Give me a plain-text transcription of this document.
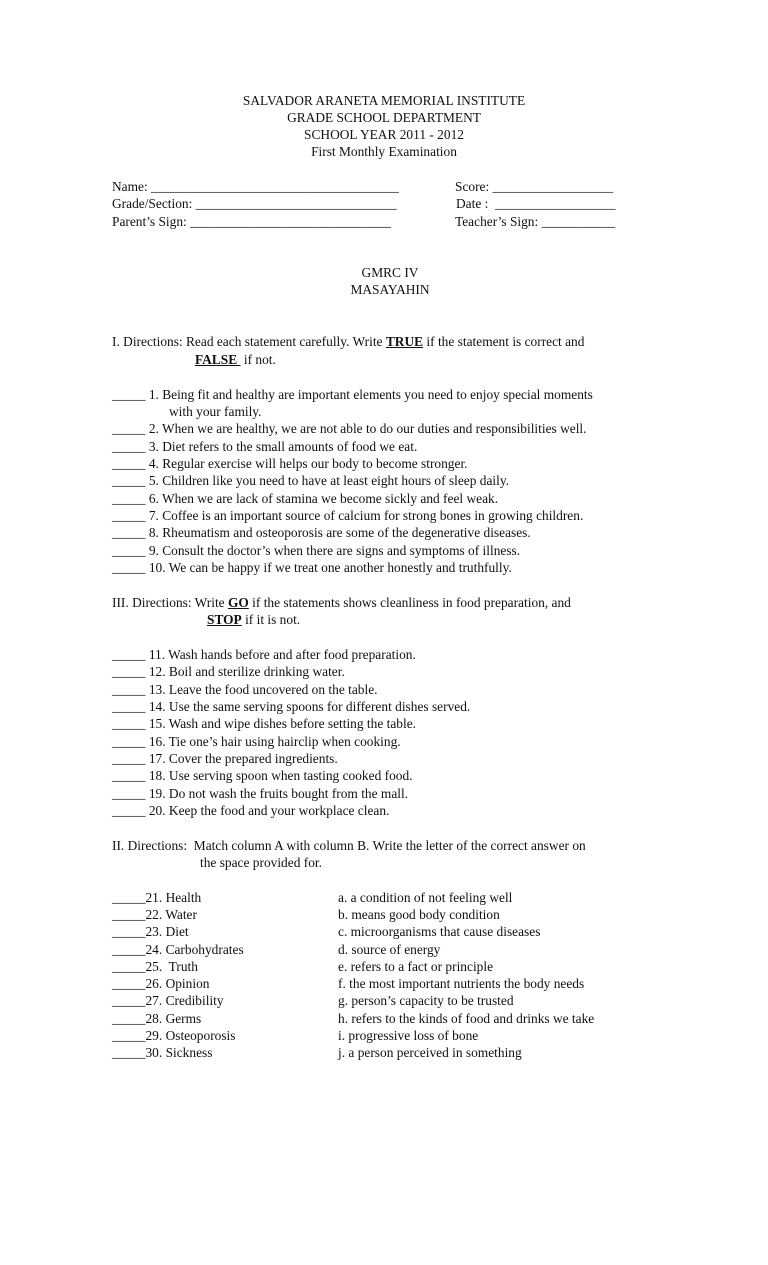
SALVADOR ARANETA MEMORIAL INSTITUTE
GRADE SCHOOL DEPARTMENT
SCHOOL YEAR 2011 - 2012
First Monthly Examination
Name: _____________________________________	Score: __________________
Grade/Section: ______________________________	Date :  __________________
Parent’s Sign: ______________________________	Teacher’s Sign: ___________
GMRC IV
MASAYAHIN
I. Directions: Read each statement carefully. Write TRUE if the statement is correct and
FALSE  if not.
_____ 1. Being fit and healthy are important elements you need to enjoy special moments
with your family.
_____ 2. When we are healthy, we are not able to do our duties and responsibilities well.
_____ 3. Diet refers to the small amounts of food we eat.
_____ 4. Regular exercise will helps our body to become stronger.
_____ 5. Children like you need to have at least eight hours of sleep daily.
_____ 6. When we are lack of stamina we become sickly and feel weak.
_____ 7. Coffee is an important source of calcium for strong bones in growing children.
_____ 8. Rheumatism and osteoporosis are some of the degenerative diseases.
_____ 9. Consult the doctor’s when there are signs and symptoms of illness.
_____ 10. We can be happy if we treat one another honestly and truthfully.
III. Directions: Write GO if the statements shows cleanliness in food preparation, and
STOP if it is not.
_____ 11. Wash hands before and after food preparation.
_____ 12. Boil and sterilize drinking water.
_____ 13. Leave the food uncovered on the table.
_____ 14. Use the same serving spoons for different dishes served.
_____ 15. Wash and wipe dishes before setting the table.
_____ 16. Tie one’s hair using hairclip when cooking.
_____ 17. Cover the prepared ingredients.
_____ 18. Use serving spoon when tasting cooked food.
_____ 19. Do not wash the fruits bought from the mall.
_____ 20. Keep the food and your workplace clean.
II. Directions:  Match column A with column B. Write the letter of the correct answer on
the space provided for.
_____21. Health	a. a condition of not feeling well
_____22. Water	b. means good body condition
_____23. Diet	c. microorganisms that cause diseases
_____24. Carbohydrates	d. source of energy
_____25.  Truth	e. refers to a fact or principle
_____26. Opinion	f. the most important nutrients the body needs
_____27. Credibility	g. person’s capacity to be trusted
_____28. Germs	h. refers to the kinds of food and drinks we take
_____29. Osteoporosis	i. progressive loss of bone
_____30. Sickness	j. a person perceived in something
